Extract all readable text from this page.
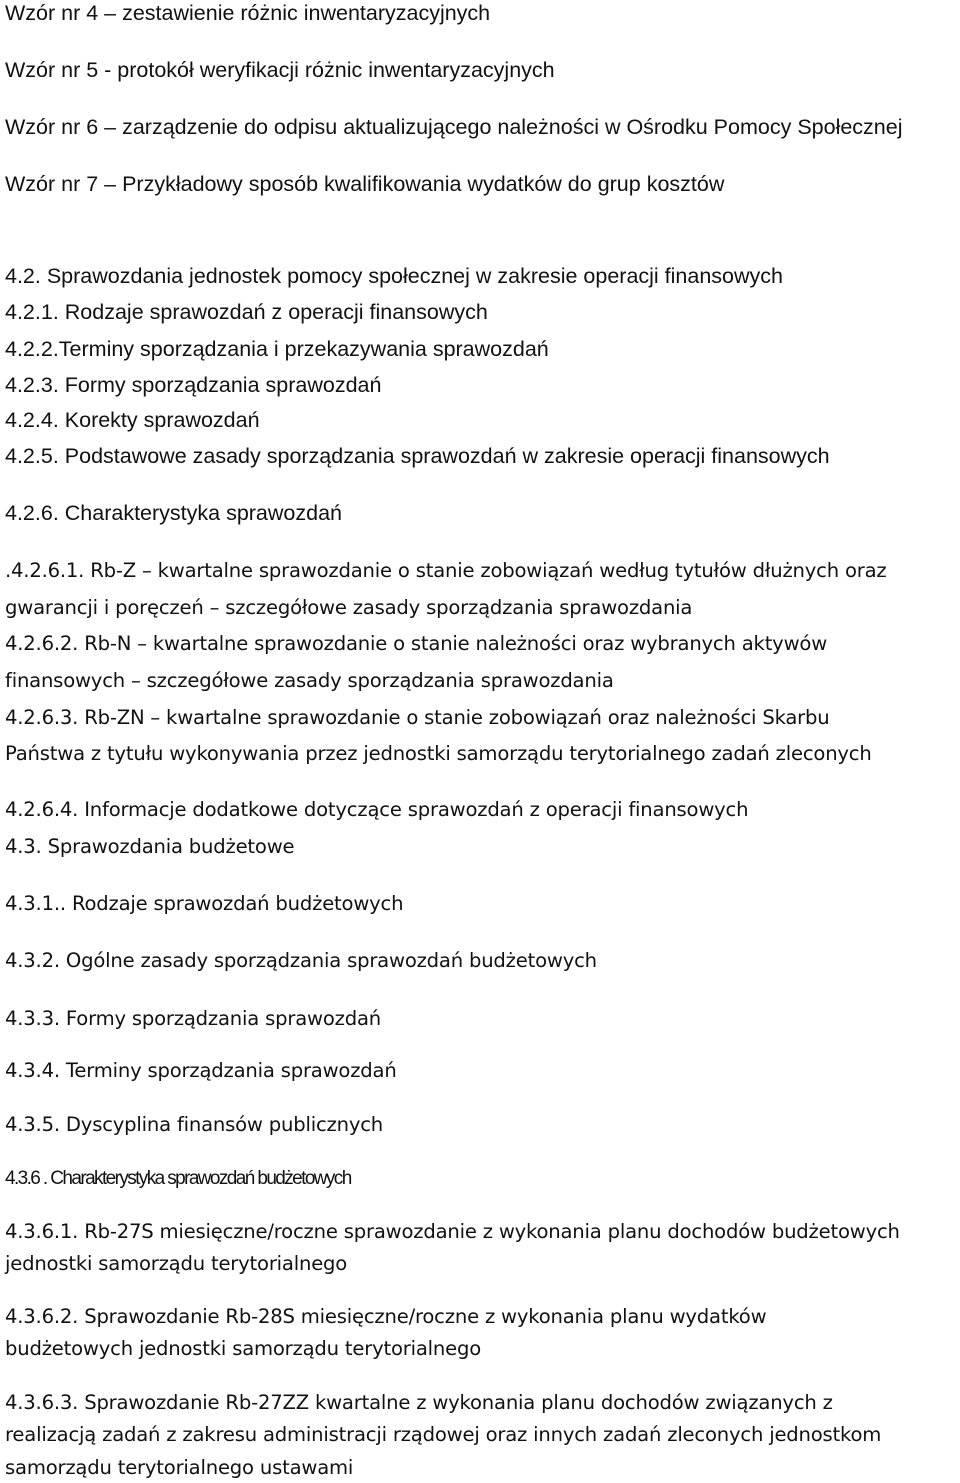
Wzór nr 4 – zestawienie różnic inwentaryzacyjnych
Wzór nr 5 - protokół weryfikacji różnic inwentaryzacyjnych
Wzór nr 6 – zarządzenie do odpisu aktualizującego należności w Ośrodku Pomocy Społecznej
Wzór nr 7 – Przykładowy sposób kwalifikowania wydatków do grup kosztów
4.2. Sprawozdania jednostek pomocy społecznej w zakresie operacji finansowych
4.2.1. Rodzaje sprawozdań z operacji finansowych
4.2.2.Terminy sporządzania i przekazywania sprawozdań
4.2.3. Formy sporządzania sprawozdań
4.2.4. Korekty sprawozdań
4.2.5. Podstawowe zasady sporządzania sprawozdań w zakresie operacji finansowych
4.2.6. Charakterystyka sprawozdań
.4.2.6.1. Rb-Z – kwartalne sprawozdanie o stanie zobowiązań według tytułów dłużnych oraz
gwarancji i poręczeń – szczegółowe zasady sporządzania sprawozdania
4.2.6.2. Rb-N – kwartalne sprawozdanie o stanie należności oraz wybranych aktywów
finansowych – szczegółowe zasady sporządzania sprawozdania
4.2.6.3. Rb-ZN – kwartalne sprawozdanie o stanie zobowiązań oraz należności Skarbu
Państwa z tytułu wykonywania przez jednostki samorządu terytorialnego zadań zleconych
4.2.6.4. Informacje dodatkowe dotyczące sprawozdań z operacji finansowych
4.3. Sprawozdania budżetowe
4.3.1.. Rodzaje sprawozdań budżetowych
4.3.2. Ogólne zasady sporządzania sprawozdań budżetowych
4.3.3. Formy sporządzania sprawozdań
4.3.4. Terminy sporządzania sprawozdań
4.3.5. Dyscyplina finansów publicznych
4.3.6 . Charakterystyka sprawozdań budżetowych
4.3.6.1. Rb-27S miesięczne/roczne sprawozdanie z wykonania planu dochodów budżetowych
jednostki samorządu terytorialnego
4.3.6.2. Sprawozdanie Rb-28S miesięczne/roczne z wykonania planu wydatków
budżetowych jednostki samorządu terytorialnego
4.3.6.3. Sprawozdanie Rb-27ZZ kwartalne z wykonania planu dochodów związanych z
realizacją zadań z zakresu administracji rządowej oraz innych zadań zleconych jednostkom
samorządu terytorialnego ustawami
